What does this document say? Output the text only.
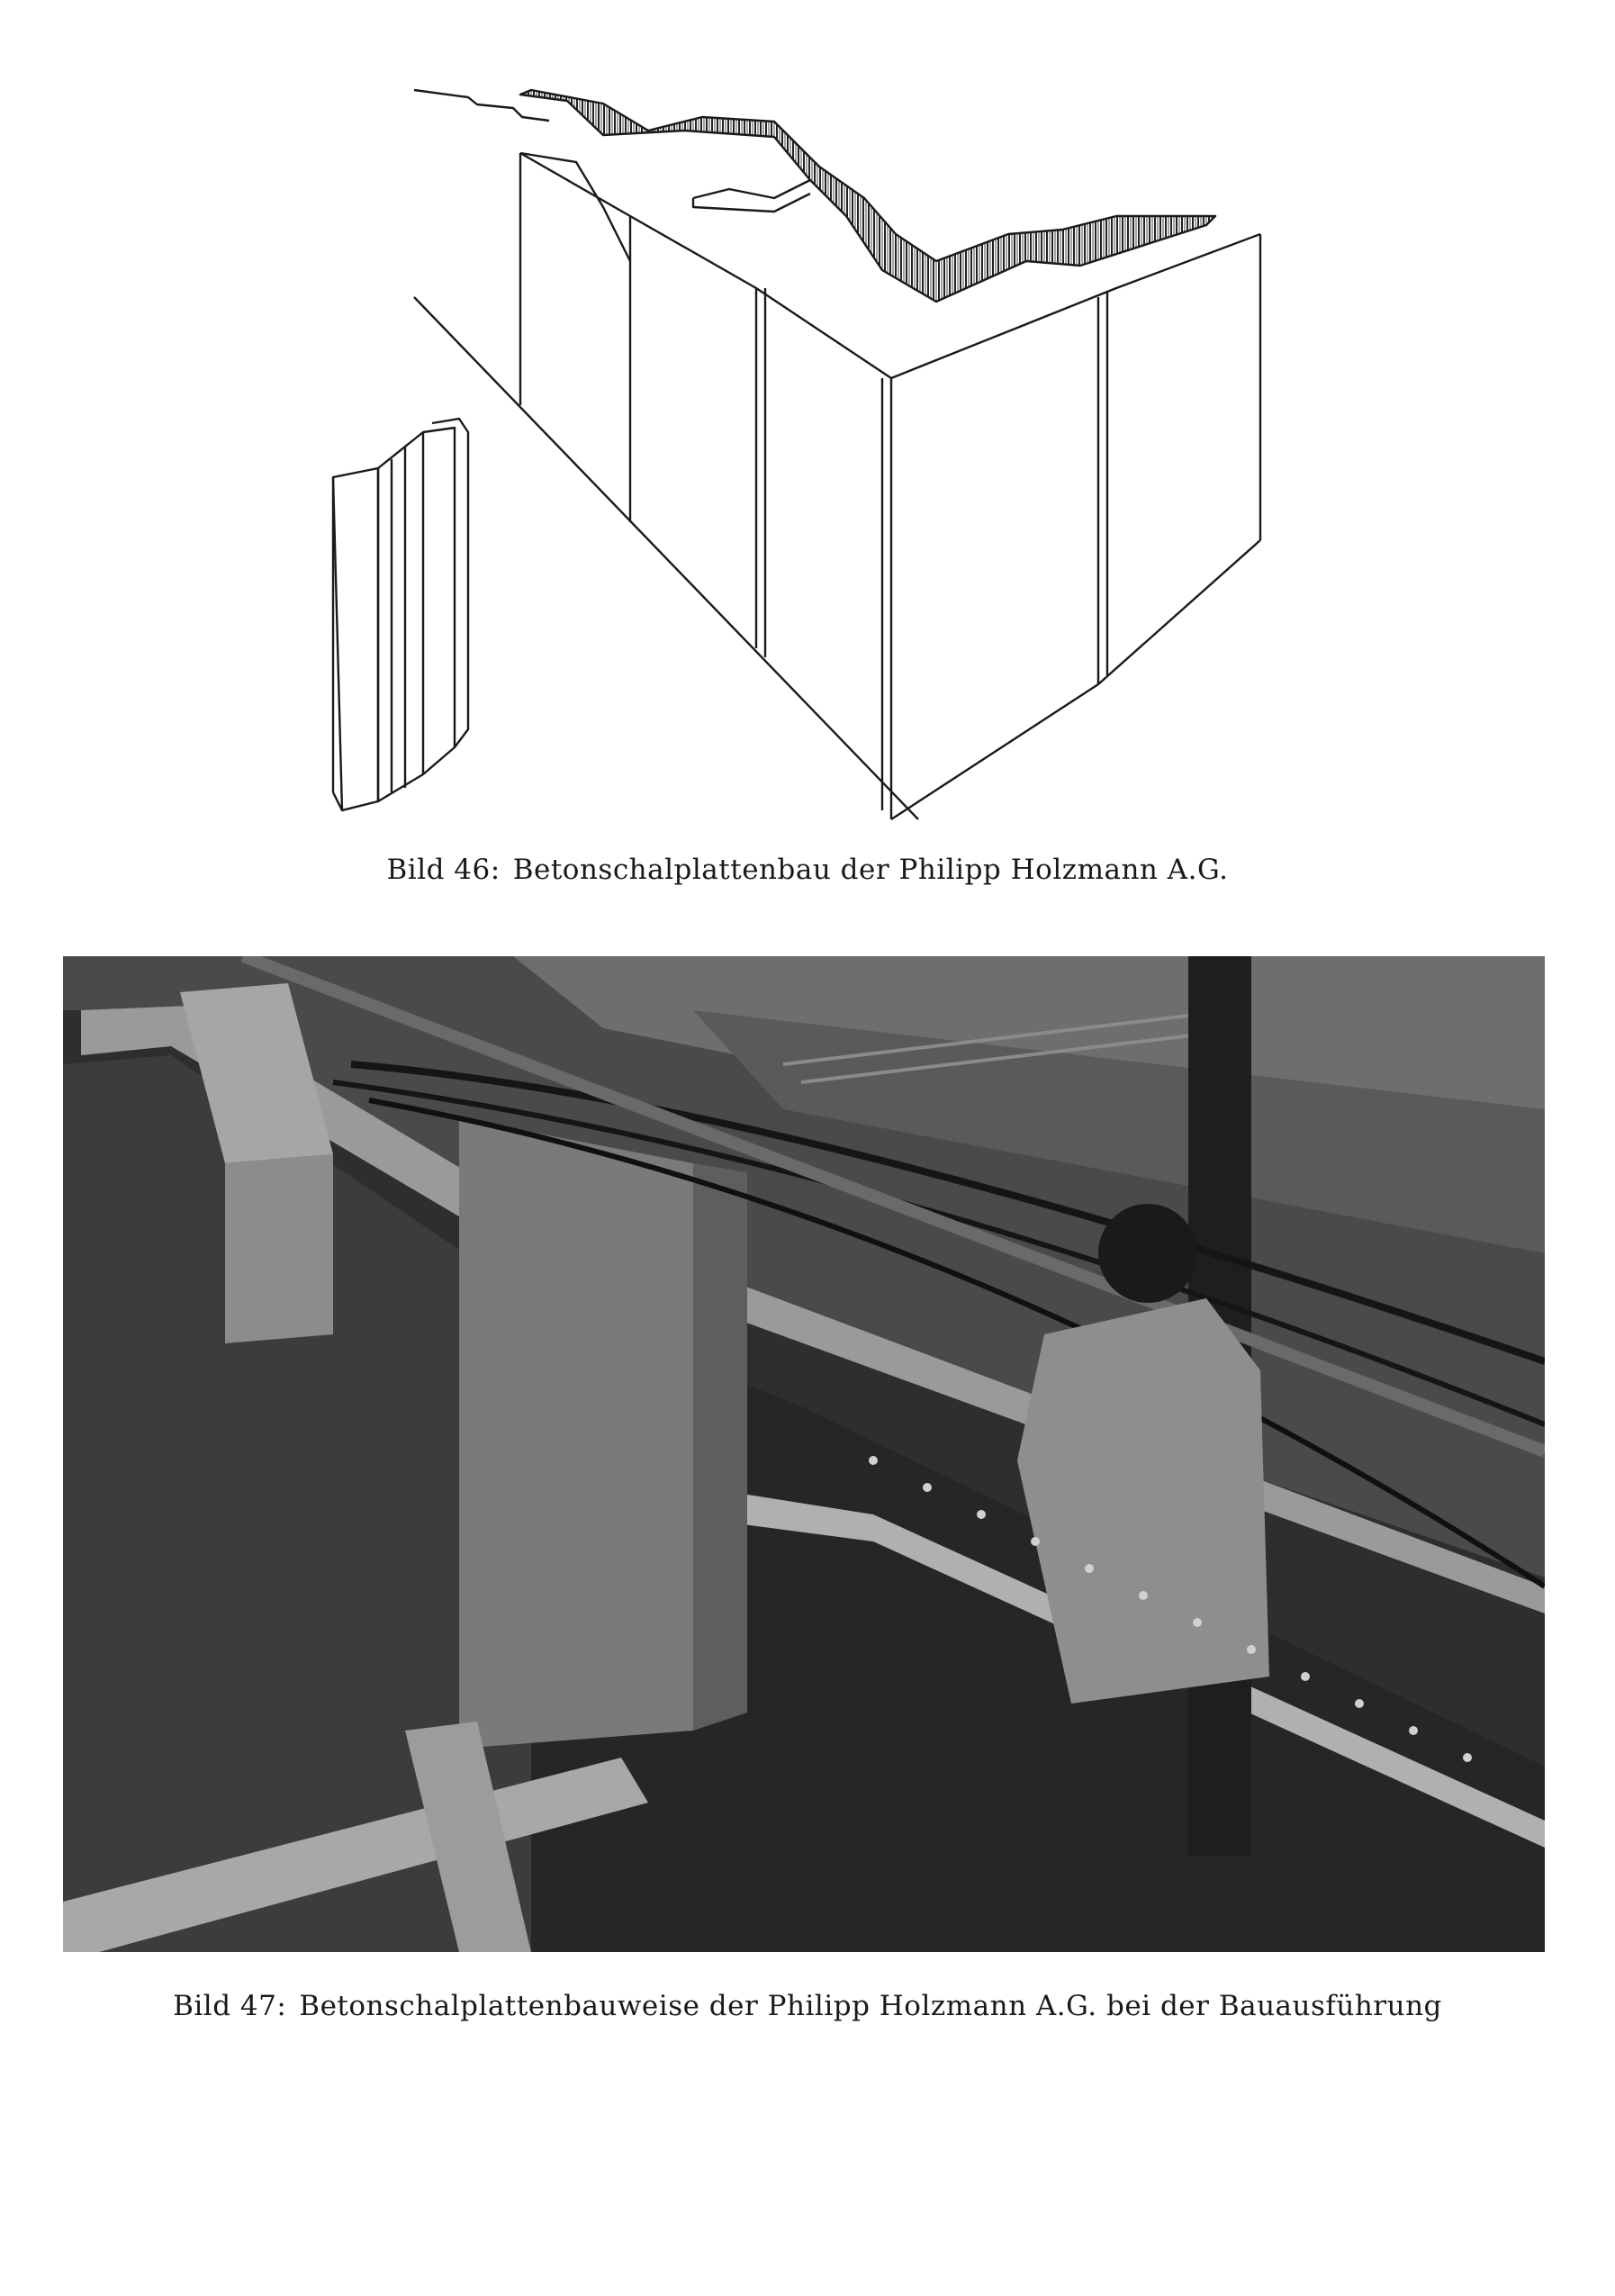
Bild 46: Betonschalplattenbau der Philipp Holzmann A.G.
Bild 47: Betonschalplattenbauweise der Philipp Holzmann A.G. bei der Bauausführung
